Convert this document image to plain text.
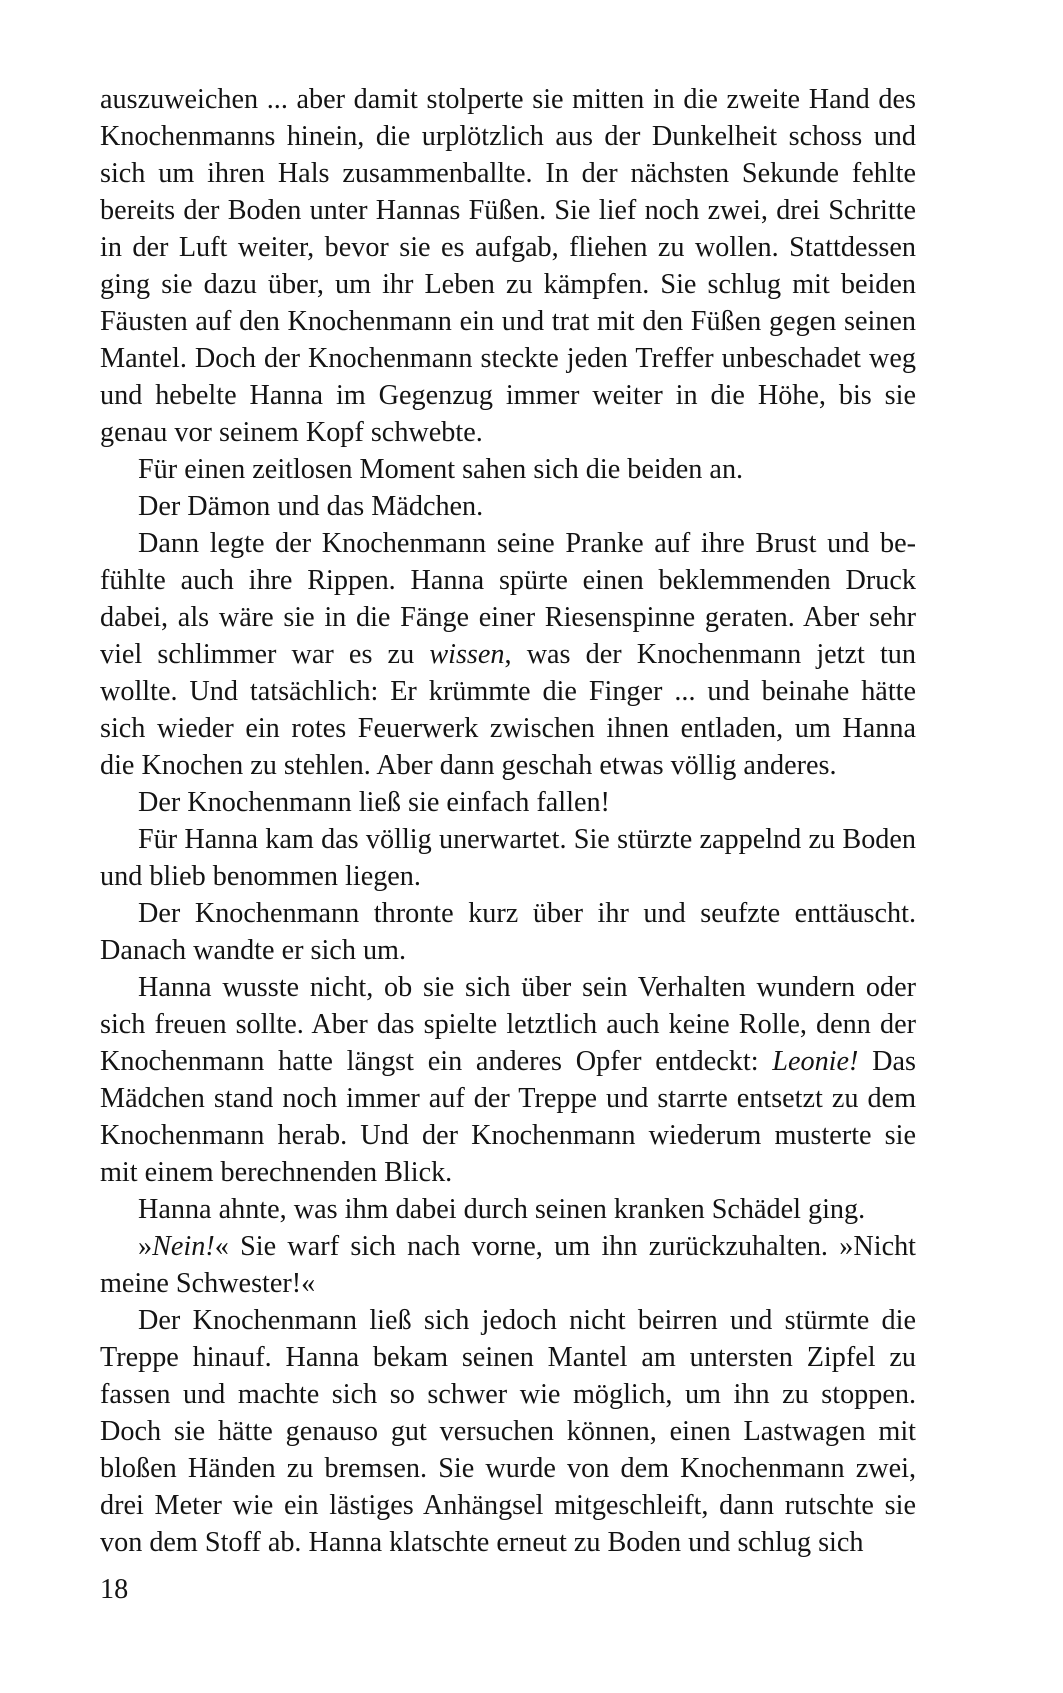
auszuweichen ... aber damit stolperte sie mitten in die zweite Hand des Knochenmanns hinein, die urplötzlich aus der Dunkelheit schoss und sich um ihren Hals zusammenballte. In der nächsten Sekunde fehlte bereits der Boden unter Hannas Füßen. Sie lief noch zwei, drei Schritte in der Luft weiter, bevor sie es aufgab, fliehen zu wollen. Stattdessen ging sie dazu über, um ihr Leben zu kämpfen. Sie schlug mit beiden Fäusten auf den Knochenmann ein und trat mit den Füßen gegen seinen Mantel. Doch der Knochenmann steckte jeden Treffer unbeschadet weg und hebelte Hanna im Gegenzug immer weiter in die Höhe, bis sie genau vor seinem Kopf schwebte.

Für einen zeitlosen Moment sahen sich die beiden an.

Der Dämon und das Mädchen.

Dann legte der Knochenmann seine Pranke auf ihre Brust und befühlte auch ihre Rippen. Hanna spürte einen beklemmenden Druck dabei, als wäre sie in die Fänge einer Riesenspinne geraten. Aber sehr viel schlimmer war es zu wissen, was der Knochenmann jetzt tun wollte. Und tatsächlich: Er krümmte die Finger ... und beinahe hätte sich wieder ein rotes Feuerwerk zwischen ihnen entladen, um Hanna die Knochen zu stehlen. Aber dann geschah etwas völlig anderes.

Der Knochenmann ließ sie einfach fallen!

Für Hanna kam das völlig unerwartet. Sie stürzte zappelnd zu Boden und blieb benommen liegen.

Der Knochenmann thronte kurz über ihr und seufzte enttäuscht. Danach wandte er sich um.

Hanna wusste nicht, ob sie sich über sein Verhalten wundern oder sich freuen sollte. Aber das spielte letztlich auch keine Rolle, denn der Knochenmann hatte längst ein anderes Opfer entdeckt: Leonie! Das Mädchen stand noch immer auf der Treppe und starrte entsetzt zu dem Knochenmann herab. Und der Knochenmann wiederum musterte sie mit einem berechnenden Blick.

Hanna ahnte, was ihm dabei durch seinen kranken Schädel ging.

»Nein!« Sie warf sich nach vorne, um ihn zurückzuhalten. »Nicht meine Schwester!«

Der Knochenmann ließ sich jedoch nicht beirren und stürmte die Treppe hinauf. Hanna bekam seinen Mantel am untersten Zipfel zu fassen und machte sich so schwer wie möglich, um ihn zu stoppen. Doch sie hätte genauso gut versuchen können, einen Lastwagen mit bloßen Händen zu bremsen. Sie wurde von dem Knochenmann zwei, drei Meter wie ein lästiges Anhängsel mitgeschleift, dann rutschte sie von dem Stoff ab. Hanna klatschte erneut zu Boden und schlug sich

18
